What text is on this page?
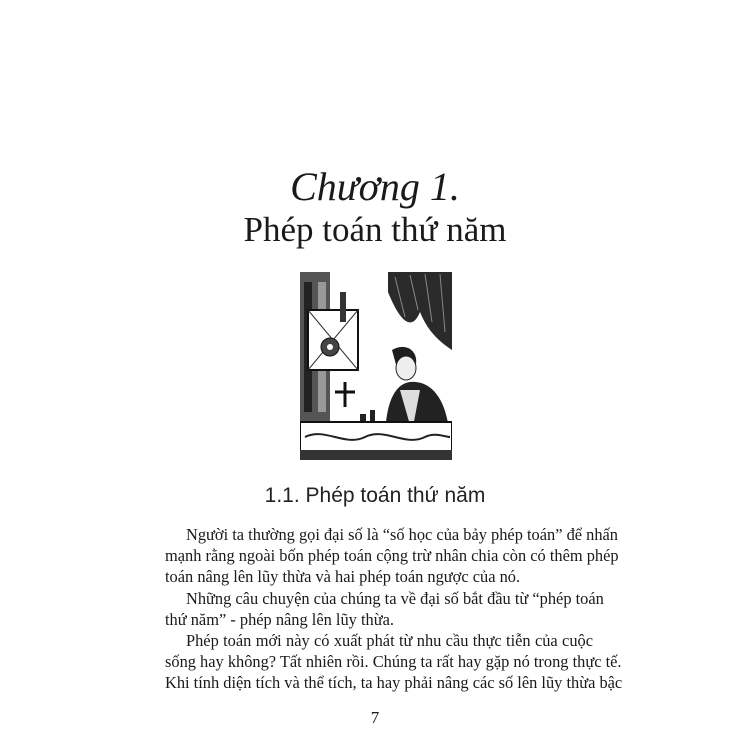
Chương 1.
Phép toán thứ năm
1.1. Phép toán thứ năm
Người ta thường gọi đại số là “số học của bảy phép toán” để nhấn
mạnh rằng ngoài bốn phép toán cộng trừ nhân chia còn có thêm phép
toán nâng lên lũy thừa và hai phép toán ngược của nó.
Những câu chuyện của chúng ta về đại số bắt đầu từ “phép toán
thứ năm” - phép nâng lên lũy thừa.
Phép toán mới này có xuất phát từ nhu cầu thực tiễn của cuộc
sống hay không? Tất nhiên rồi. Chúng ta rất hay gặp nó trong thực tế.
Khi tính diện tích và thể tích, ta hay phải nâng các số lên lũy thừa bậc
7
